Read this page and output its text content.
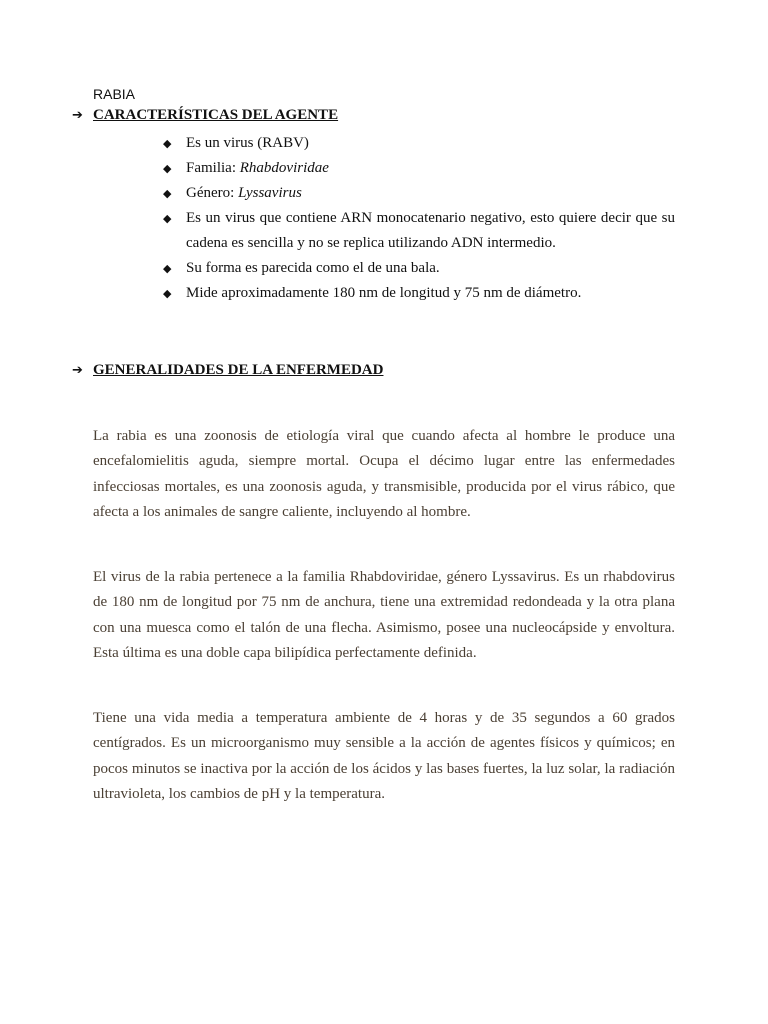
RABIA
➔ CARACTERÍSTICAS DEL AGENTE
◆ Es un virus (RABV)
◆ Familia: Rhabdoviridae
◆ Género: Lyssavirus
◆ Es un virus que contiene ARN monocatenario negativo, esto quiere decir que su cadena es sencilla y no se replica utilizando ADN intermedio.
◆ Su forma es parecida como el de una bala.
◆ Mide aproximadamente 180 nm de longitud y 75 nm de diámetro.
➔ GENERALIDADES DE LA ENFERMEDAD

La rabia es una zoonosis de etiología viral que cuando afecta al hombre le produce una encefalomielitis aguda, siempre mortal. Ocupa el décimo lugar entre las enfermedades infecciosas mortales, es una zoonosis aguda, y transmisible, producida por el virus rábico, que afecta a los animales de sangre caliente, incluyendo al hombre.

El virus de la rabia pertenece a la familia Rhabdoviridae, género Lyssavirus. Es un rhabdovirus de 180 nm de longitud por 75 nm de anchura, tiene una extremidad redondeada y la otra plana con una muesca como el talón de una flecha. Asimismo, posee una nucleocápside y envoltura. Esta última es una doble capa bilipídica perfectamente definida.

Tiene una vida media a temperatura ambiente de 4 horas y de 35 segundos a 60 grados centígrados. Es un microorganismo muy sensible a la acción de agentes físicos y químicos; en pocos minutos se inactiva por la acción de los ácidos y las bases fuertes, la luz solar, la radiación ultravioleta, los cambios de pH y la temperatura.
